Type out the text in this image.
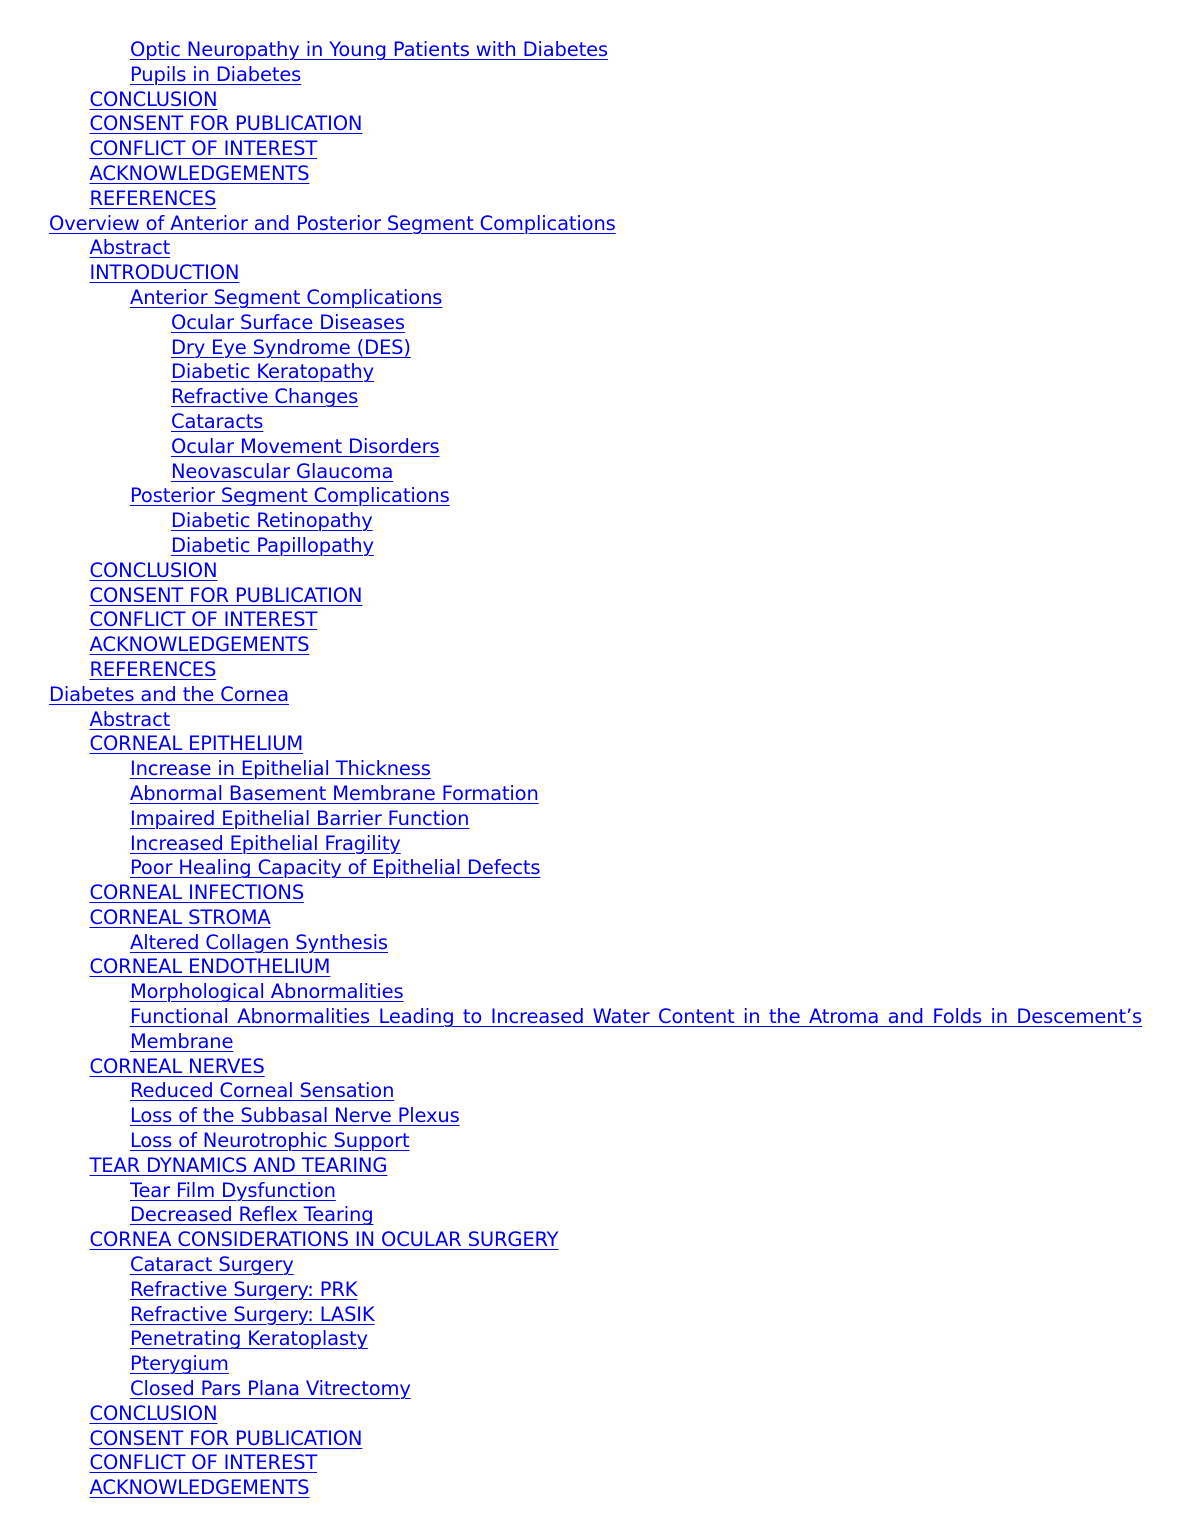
Optic Neuropathy in Young Patients with Diabetes
Pupils in Diabetes
CONCLUSION
CONSENT FOR PUBLICATION
CONFLICT OF INTEREST
ACKNOWLEDGEMENTS
REFERENCES
Overview of Anterior and Posterior Segment Complications
Abstract
INTRODUCTION
Anterior Segment Complications
Ocular Surface Diseases
Dry Eye Syndrome (DES)
Diabetic Keratopathy
Refractive Changes
Cataracts
Ocular Movement Disorders
Neovascular Glaucoma
Posterior Segment Complications
Diabetic Retinopathy
Diabetic Papillopathy
CONCLUSION
CONSENT FOR PUBLICATION
CONFLICT OF INTEREST
ACKNOWLEDGEMENTS
REFERENCES
Diabetes and the Cornea
Abstract
CORNEAL EPITHELIUM
Increase in Epithelial Thickness
Abnormal Basement Membrane Formation
Impaired Epithelial Barrier Function
Increased Epithelial Fragility
Poor Healing Capacity of Epithelial Defects
CORNEAL INFECTIONS
CORNEAL STROMA
Altered Collagen Synthesis
CORNEAL ENDOTHELIUM
Morphological Abnormalities
Functional Abnormalities Leading to Increased Water Content in the Atroma and Folds in Descement’s Membrane
CORNEAL NERVES
Reduced Corneal Sensation
Loss of the Subbasal Nerve Plexus
Loss of Neurotrophic Support
TEAR DYNAMICS AND TEARING
Tear Film Dysfunction
Decreased Reflex Tearing
CORNEA CONSIDERATIONS IN OCULAR SURGERY
Cataract Surgery
Refractive Surgery: PRK
Refractive Surgery: LASIK
Penetrating Keratoplasty
Pterygium
Closed Pars Plana Vitrectomy
CONCLUSION
CONSENT FOR PUBLICATION
CONFLICT OF INTEREST
ACKNOWLEDGEMENTS
